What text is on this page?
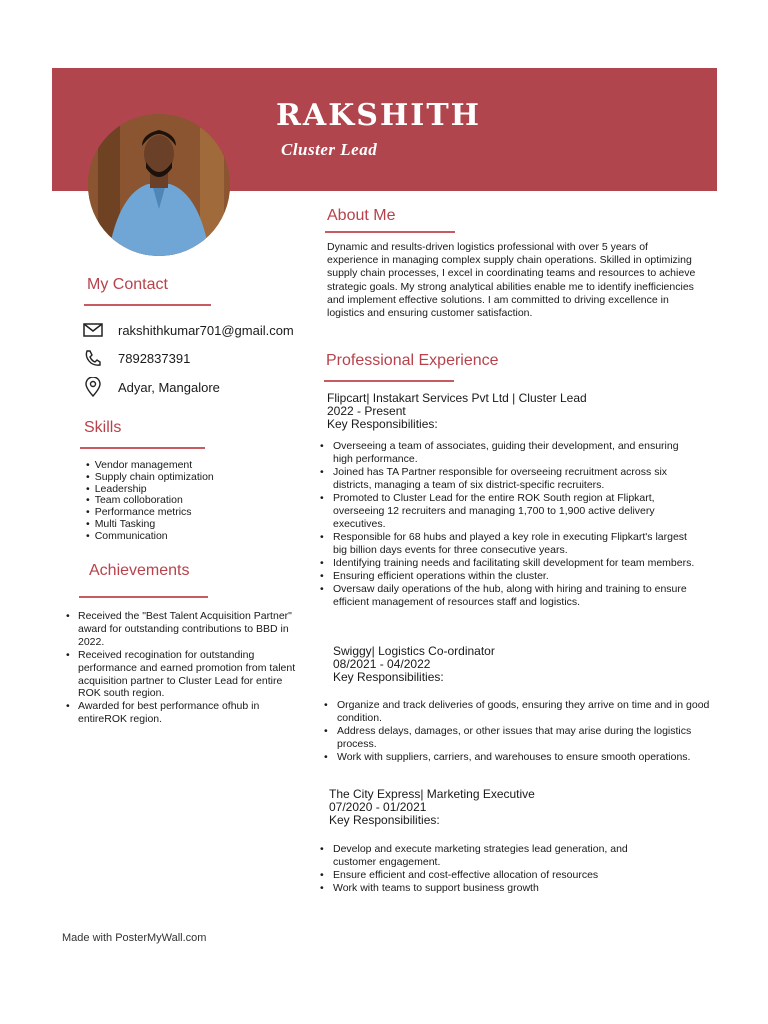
RAKSHITH
Cluster Lead
My Contact
rakshithkumar701@gmail.com
7892837391
Adyar, Mangalore
Skills
• Vendor management
• Supply chain optimization
• Leadership
• Team colloboration
• Performance metrics
• Multi Tasking
• Communication
Achievements
• Received the "Best Talent Acquisition Partner" award for outstanding contributions to BBD in 2022.
• Received recogination for outstanding performance and earned promotion from talent acquisition partner to Cluster Lead for entire ROK south region.
• Awarded for best performance ofhub in entireROK region.
About Me

Dynamic and results-driven logistics professional with over 5 years of experience in managing complex supply chain operations. Skilled in optimizing supply chain processes, I excel in coordinating teams and resources to achieve strategic goals. My strong analytical abilities enable me to identify inefficiencies and implement effective solutions. I am committed to driving excellence in logistics and ensuring customer satisfaction.

Professional Experience
Flipcart| Instakart Services Pvt Ltd | Cluster Lead
2022 - Present
Key Responsibilities:
• Overseeing a team of associates, guiding their development, and ensuring high performance.
• Joined has TA Partner responsible for overseeing recruitment across six districts, managing a team of six district-specific recruiters.
• Promoted to Cluster Lead for the entire ROK South region at Flipkart, overseeing 12 recruiters and managing 1,700 to 1,900 active delivery executives.
• Responsible for 68 hubs and played a key role in executing Flipkart's largest big billion days events for three consecutive years.
• Identifying training needs and facilitating skill development for team members.
• Ensuring efficient operations within the cluster.
• Oversaw daily operations of the hub, along with hiring and training to ensure efficient management of resources staff and logistics.
Swiggy| Logistics Co-ordinator
08/2021 - 04/2022
Key Responsibilities:
• Organize and track deliveries of goods, ensuring they arrive on time and in good condition.
• Address delays, damages, or other issues that may arise during the logistics process.
• Work with suppliers, carriers, and warehouses to ensure smooth operations.
The City Express| Marketing Executive
07/2020 - 01/2021
Key Responsibilities:
• Develop and execute marketing strategies lead generation, and customer engagement.
• Ensure efficient and cost-effective allocation of resources
• Work with teams to support business growth
Made with PosterMyWall.com
